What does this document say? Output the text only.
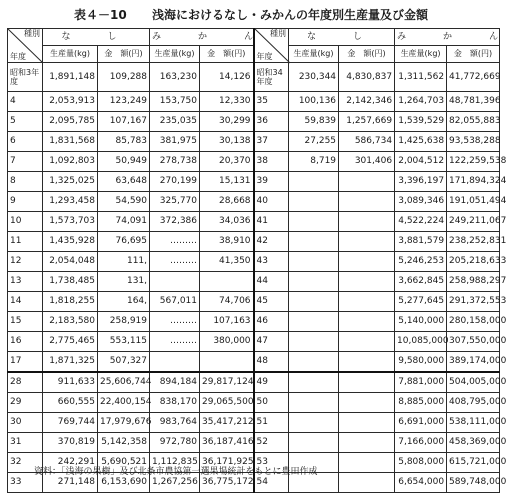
表４－10 浅海におけるなし・みかんの年度別生産量及び金額
種別
年度	な　し		み　か　ん		種別
年度	な　し		み　か　ん	
	生産量(kg)	金　額(円)	生産量(kg)	金　額(円)		生産量(kg)	金　額(円)	生産量(kg)	金　額(円)
昭和3年度	1,891,148	109,288	163,230	14,126	昭和34年度	230,344	4,830,837	1,311,562	41,772,669
4	2,053,913	123,249	153,750	12,330	35	100,136	2,142,346	1,264,703	48,781,396
5	2,095,785	107,167	235,035	30,299	36	59,839	1,257,669	1,539,529	82,055,883
6	1,831,568	85,783	381,975	30,138	37	27,255	586,734	1,425,638	93,538,288
7	1,092,803	50,949	278,738	20,370	38	8,719	301,406	2,004,512	122,259,538
8	1,325,025	63,648	270,199	15,131	39			3,396,197	171,894,324
9	1,293,458	54,590	325,770	28,668	40			3,089,346	191,051,494
10	1,573,703	74,091	372,386	34,036	41			4,522,224	249,211,067
11	1,435,928	76,695	………	38,910	42			3,881,579	238,252,831
12	2,054,048	111,	………	41,350	43			5,246,253	205,218,633
13	1,738,485	131,			44			3,662,845	258,988,297
14	1,818,255	164,	567,011	74,706	45			5,277,645	291,372,553
15	2,183,580	258,919	………	107,163	46			5,140,000	280,158,000
16	2,775,465	553,115	………	380,000	47			10,085,000	307,550,000
17	1,871,325	507,327			48			9,580,000	389,174,000
28	911,633	25,606,744	894,184	29,817,124	49			7,881,000	504,005,000
29	660,555	22,400,154	838,170	29,065,500	50			8,885,000	408,795,000
30	769,744	17,979,676	983,764	35,417,212	51			6,691,000	538,111,000
31	370,819	5,142,358	972,780	36,187,416	52			7,166,000	458,369,000
32	242,291	5,690,521	1,112,835	36,171,925	53			5,808,000	615,721,000
33	271,148	6,153,690	1,267,256	36,775,172	54			6,654,000	589,748,000
資料：「浅海の果樹」及び北条市農協第一選果場統計をもとに豊田作成
